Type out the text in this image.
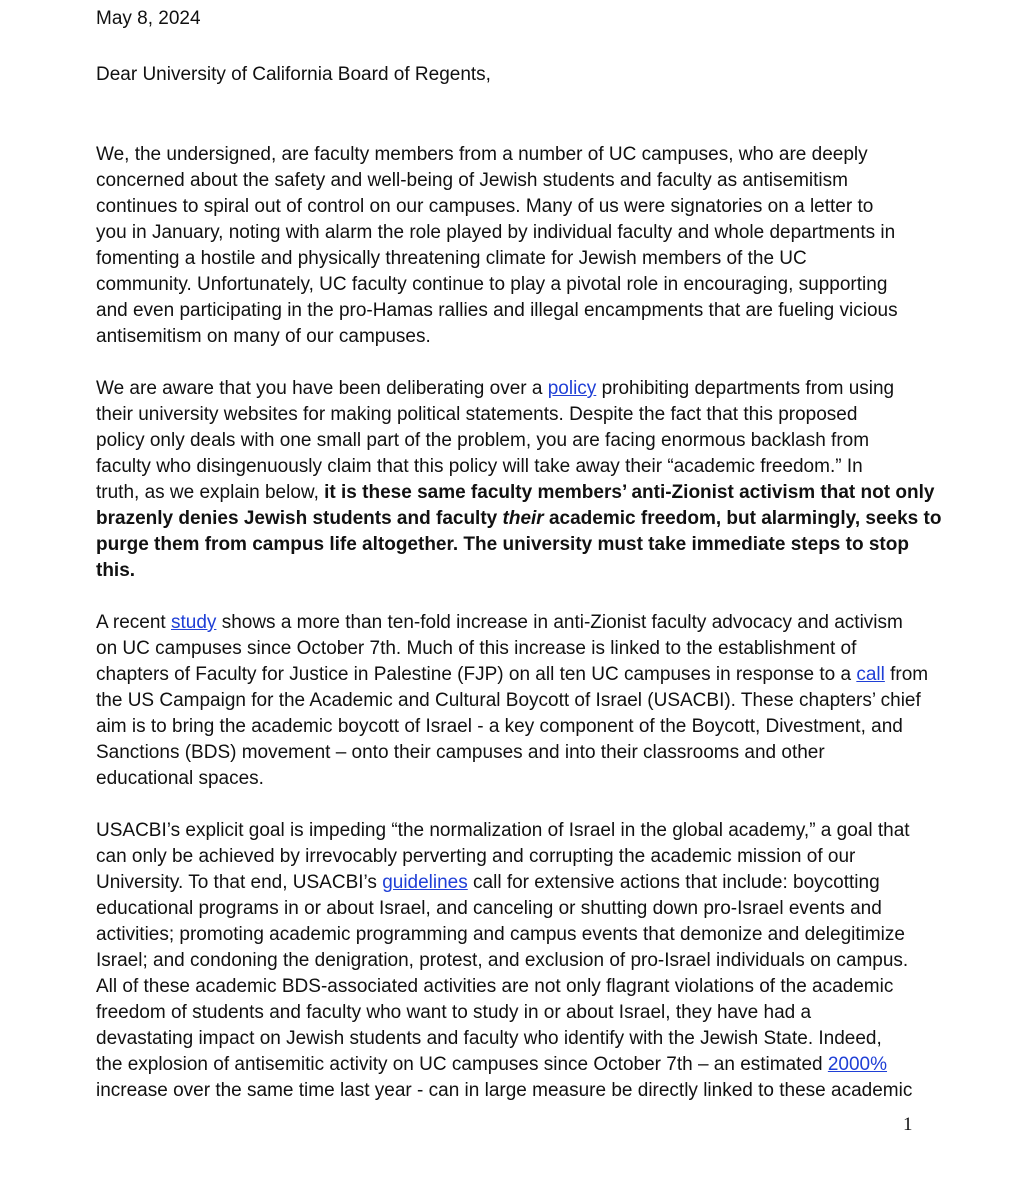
May 8, 2024
Dear University of California Board of Regents,
We, the undersigned, are faculty members from a number of UC campuses, who are deeply
concerned about the safety and well-being of Jewish students and faculty as antisemitism
continues to spiral out of control on our campuses. Many of us were signatories on a letter to
you in January, noting with alarm the role played by individual faculty and whole departments in
fomenting a hostile and physically threatening climate for Jewish members of the UC
community. Unfortunately, UC faculty continue to play a pivotal role in encouraging, supporting
and even participating in the pro-Hamas rallies and illegal encampments that are fueling vicious
antisemitism on many of our campuses.
We are aware that you have been deliberating over a policy prohibiting departments from using
their university websites for making political statements. Despite the fact that this proposed
policy only deals with one small part of the problem, you are facing enormous backlash from
faculty who disingenuously claim that this policy will take away their “academic freedom.” In
truth, as we explain below, it is these same faculty members’ anti-Zionist activism that not only
brazenly denies Jewish students and faculty their academic freedom, but alarmingly, seeks to
purge them from campus life altogether. The university must take immediate steps to stop
this.
A recent study shows a more than ten-fold increase in anti-Zionist faculty advocacy and activism
on UC campuses since October 7th. Much of this increase is linked to the establishment of
chapters of Faculty for Justice in Palestine (FJP) on all ten UC campuses in response to a call from
the US Campaign for the Academic and Cultural Boycott of Israel (USACBI). These chapters’ chief
aim is to bring the academic boycott of Israel - a key component of the Boycott, Divestment, and
Sanctions (BDS) movement – onto their campuses and into their classrooms and other
educational spaces.
USACBI’s explicit goal is impeding “the normalization of Israel in the global academy,” a goal that
can only be achieved by irrevocably perverting and corrupting the academic mission of our
University. To that end, USACBI’s guidelines call for extensive actions that include: boycotting
educational programs in or about Israel, and canceling or shutting down pro-Israel events and
activities; promoting academic programming and campus events that demonize and delegitimize
Israel; and condoning the denigration, protest, and exclusion of pro-Israel individuals on campus.
All of these academic BDS-associated activities are not only flagrant violations of the academic
freedom of students and faculty who want to study in or about Israel, they have had a
devastating impact on Jewish students and faculty who identify with the Jewish State. Indeed,
the explosion of antisemitic activity on UC campuses since October 7th – an estimated 2000%
increase over the same time last year - can in large measure be directly linked to these academic
1
